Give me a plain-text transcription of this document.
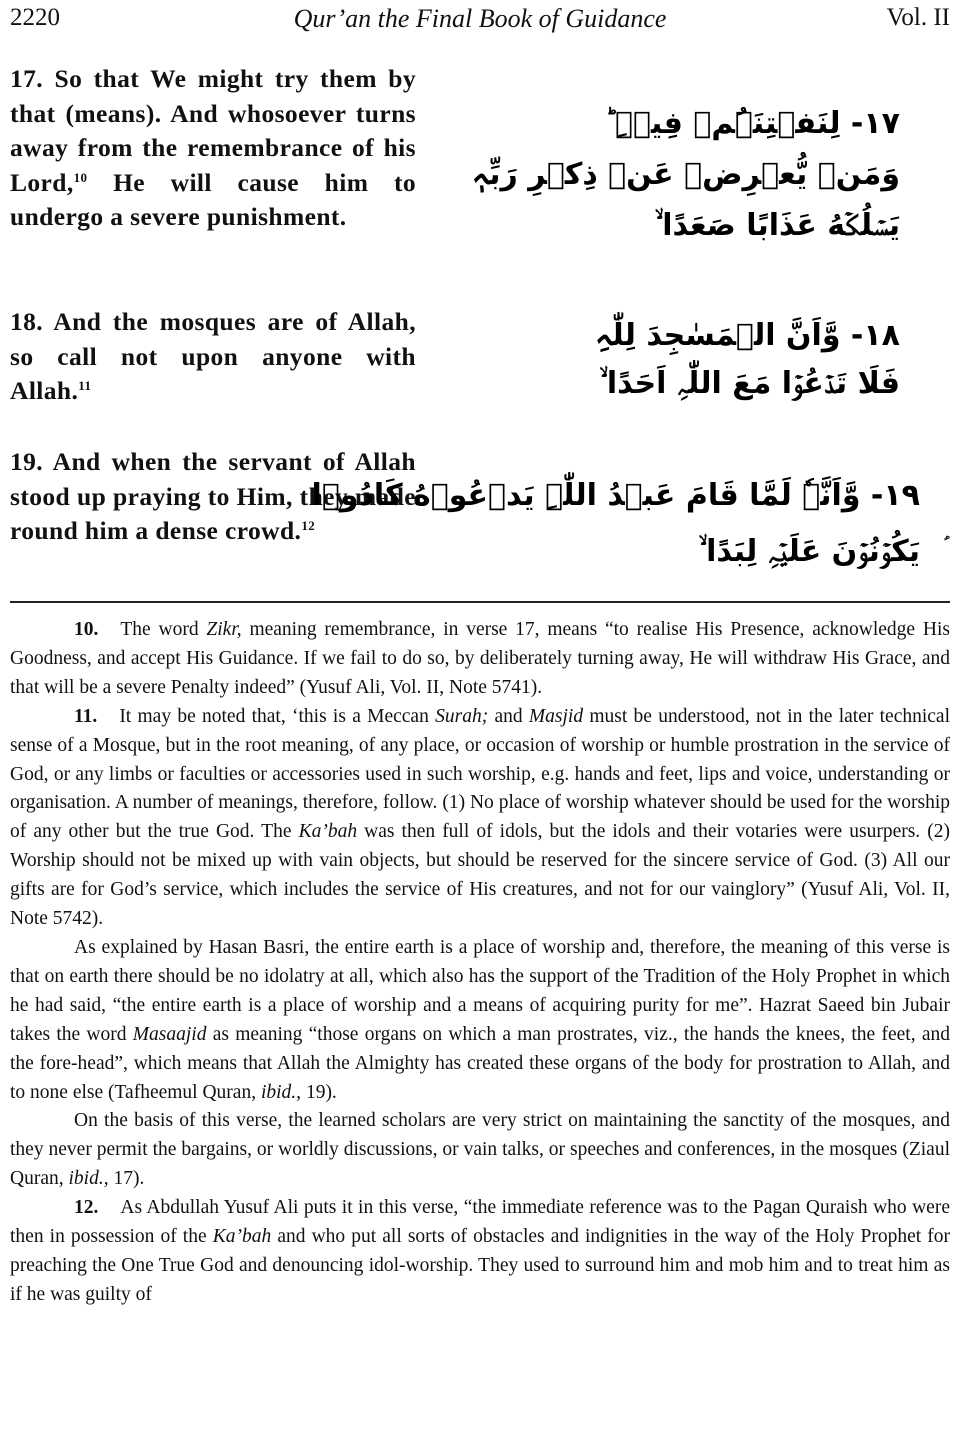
2220	Qur’an the Final Book of Guidance	Vol. II
17. So that We might try them by that (means). And whosoever turns away from the remembrance of his Lord,$^{10}$ He will cause him to undergo a severe punishment.
18. And the mosques are of Allah, so call not upon anyone with Allah.$^{11}$
19. And when the servant of Allah stood up praying to Him, they made round him a dense crowd.$^{12}$
١٧- لِنَفۡتِنَہُمۡ فِيۡہِ ؕ
وَمَنۡ يُّعۡرِضۡ عَنۡ ذِكۡرِ رَبِّہٖ
يَسۡلُكۡهُ عَذَابًا صَعَدًا ۙ
١٨- وَّاَنَّ الۡمَسٰجِدَ لِلّٰہِ
فَلَا تَدۡعُوۡا مَعَ اللّٰہِ اَحَدًا ۙ
١٩- وَّاَنَّہٗ لَمَّا قَامَ عَبۡدُ اللّٰہِ يَدۡعُوۡهُ كَادُوۡا
يَكُوۡنُوۡنَ عَلَيۡہِ لِبَدًا ۙ

10. The word Zikr, meaning remembrance, in verse 17, means “to realise His Presence, acknowledge His Goodness, and accept His Guidance. If we fail to do so, by deliberately turning away, He will withdraw His Grace, and that will be a severe Penalty indeed” (Yusuf Ali, Vol. II, Note 5741).

11. It may be noted that, ‘this is a Meccan Surah; and Masjid must be understood, not in the later technical sense of a Mosque, but in the root meaning, of any place, or occasion of worship or humble prostration in the service of God, or any limbs or faculties or accessories used in such worship, e.g. hands and feet, lips and voice, understanding or organisation. A number of meanings, therefore, follow. (1) No place of worship whatever should be used for the worship of any other but the true God. The Ka’bah was then full of idols, but the idols and their votaries were usurpers. (2) Worship should not be mixed up with vain objects, but should be reserved for the sincere service of God. (3) All our gifts are for God’s service, which includes the service of His creatures, and not for our vainglory” (Yusuf Ali, Vol. II, Note 5742).

As explained by Hasan Basri, the entire earth is a place of worship and, therefore, the meaning of this verse is that on earth there should be no idolatry at all, which also has the support of the Tradition of the Holy Prophet in which he had said, “the entire earth is a place of worship and a means of acquiring purity for me”. Hazrat Saeed bin Jubair takes the word Masaajid as meaning “those organs on which a man prostrates, viz., the hands the knees, the feet, and the fore-head”, which means that Allah the Almighty has created these organs of the body for prostration to Allah, and to none else (Tafheemul Quran, ibid., 19).

On the basis of this verse, the learned scholars are very strict on maintaining the sanctity of the mosques, and they never permit the bargains, or worldly discussions, or vain talks, or speeches and conferences, in the mosques (Ziaul Quran, ibid., 17).

12. As Abdullah Yusuf Ali puts it in this verse, “the immediate reference was to the Pagan Quraish who were then in possession of the Ka’bah and who put all sorts of obstacles and indignities in the way of the Holy Prophet for preaching the One True God and denouncing idol-worship. They used to surround him and mob him and to treat him as if he was guilty of
